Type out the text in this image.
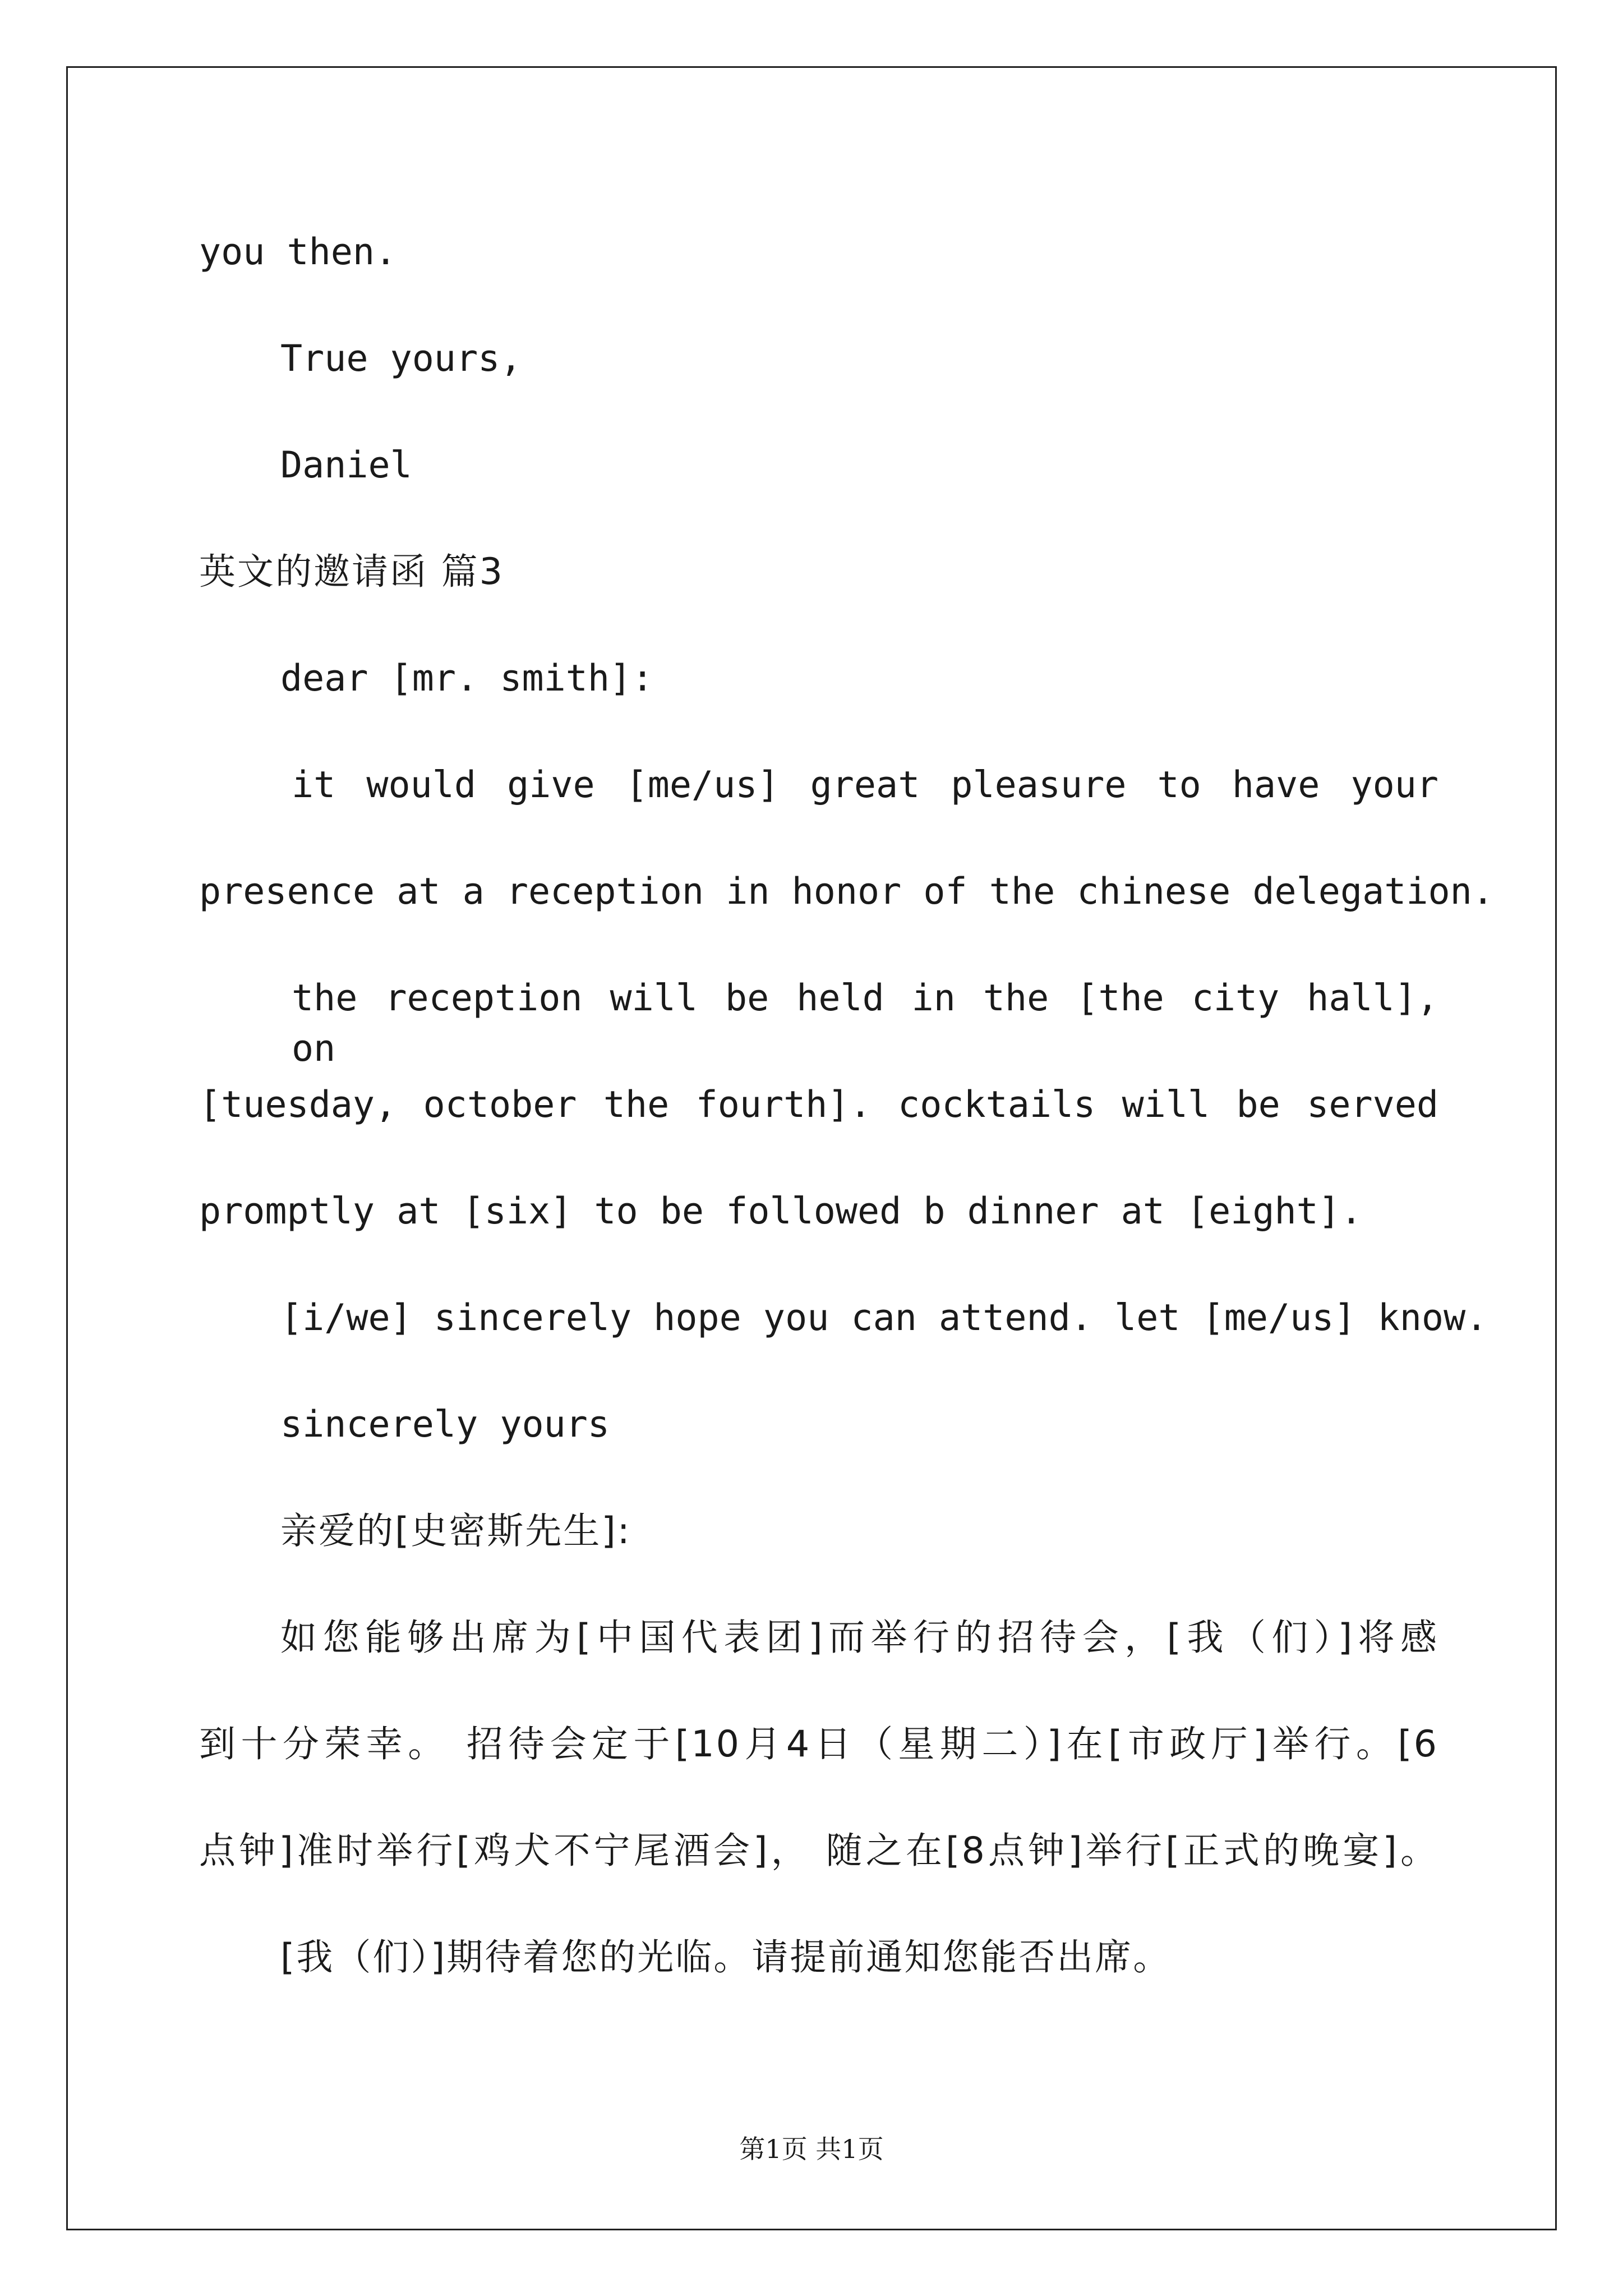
you then.
True yours,
Daniel
英文的邀请函 篇3
dear [mr. smith]:
it would give [me/us] great pleasure to have your
presence at a reception in honor of the chinese delegation.
the reception will be held in the [the city hall], on
[tuesday, october the fourth]. cocktails will be served
promptly at [six] to be followed b dinner at [eight].
[i/we] sincerely hope you can attend. let [me/us] know.
sincerely yours
亲爱的[史密斯先生]:
如您能够出席为[中国代表团]而举行的招待会，[我（们）]将感
到十分荣幸。 招待会定于[10月4日（星期二）]在[市政厅]举行。[6
点钟]准时举行[鸡犬不宁尾酒会]， 随之在[8点钟]举行[正式的晚宴]。
[我（们）]期待着您的光临。请提前通知您能否出席。
第1页 共1页
